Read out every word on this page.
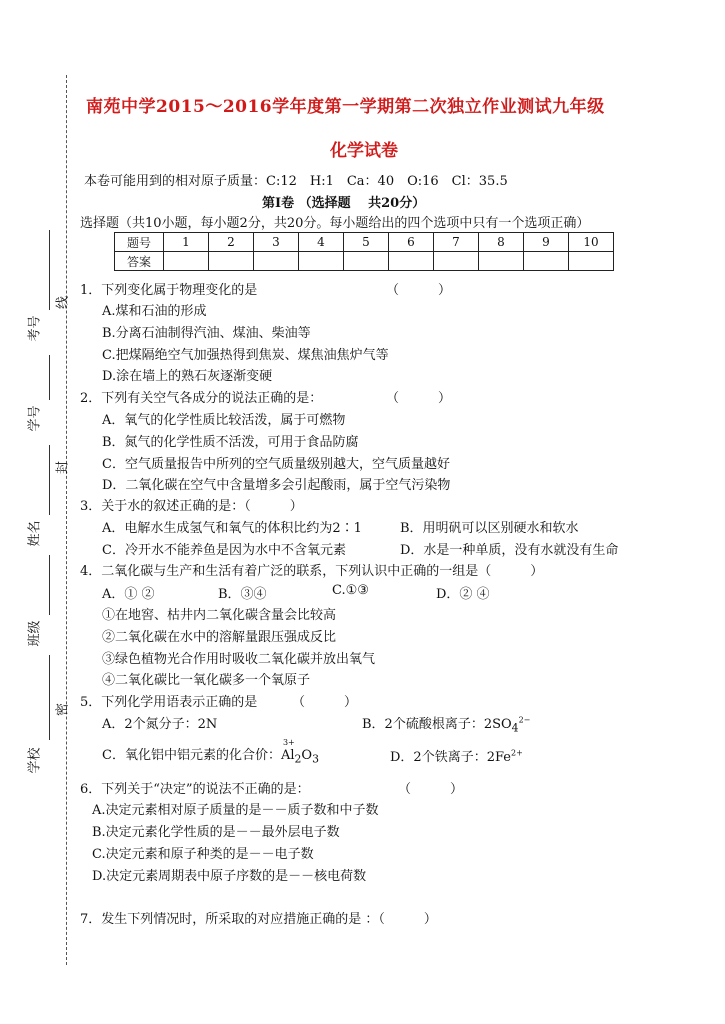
考号
学号
姓名
班级
学校
线
封
密
南苑中学2015～2016学年度第一学期第二次独立作业测试九年级
化学试卷
本卷可能用到的相对原子质量：C:12　H:1　Ca：40　O:16　Cl：35.5
第Ⅰ卷 （选择题　 共20分）
选择题（共10小题，每小题2分，共20分。每小题给出的四个选项中只有一个选项正确）
题号	1	2	3	4	5	6	7	8	9	10
答案										
1．下列变化属于物理变化的是	（　　　）
A.煤和石油的形成
B.分离石油制得汽油、煤油、柴油等
C.把煤隔绝空气加强热得到焦炭、煤焦油焦炉气等
D.涂在墙上的熟石灰逐渐变硬
2．下列有关空气各成分的说法正确的是：	（　　　）
A．氧气的化学性质比较活泼，属于可燃物
B．氮气的化学性质不活泼，可用于食品防腐
C．空气质量报告中所列的空气质量级别越大，空气质量越好
D．二氧化碳在空气中含量增多会引起酸雨，属于空气污染物
3．关于水的叙述正确的是：（　　　）
A．电解水生成氢气和氧气的体积比约为2∶1	B．用明矾可以区别硬水和软水
C．冷开水不能养鱼是因为水中不含氧元素	D．水是一种单质，没有水就没有生命
4．二氧化碳与生产和生活有着广泛的联系，下列认识中正确的一组是（　　　）
A．① ②	B．③④	C.①③	D．② ④
①在地窖、枯井内二氧化碳含量会比较高
②二氧化碳在水中的溶解量跟压强成反比
③绿色植物光合作用时吸收二氧化碳并放出氧气
④二氧化碳比一氧化碳多一个氧原子
5．下列化学用语表示正确的是	（　　　）
A．2个氮分子：2N	B．2个硫酸根离子：$2SO_4^{2-}$
C．氧化铝中铝元素的化合价：
3+
$Al_2O_3$	D．2个铁离子：$2Fe^{2+}$
6．下列关于“决定”的说法不正确的是：	（　　　）
A.决定元素相对原子质量的是－－质子数和中子数
B.决定元素化学性质的是－－最外层电子数
C.决定元素和原子种类的是－－电子数
D.决定元素周期表中原子序数的是－－核电荷数
7．发生下列情况时，所采取的对应措施正确的是 ：（　　　）
